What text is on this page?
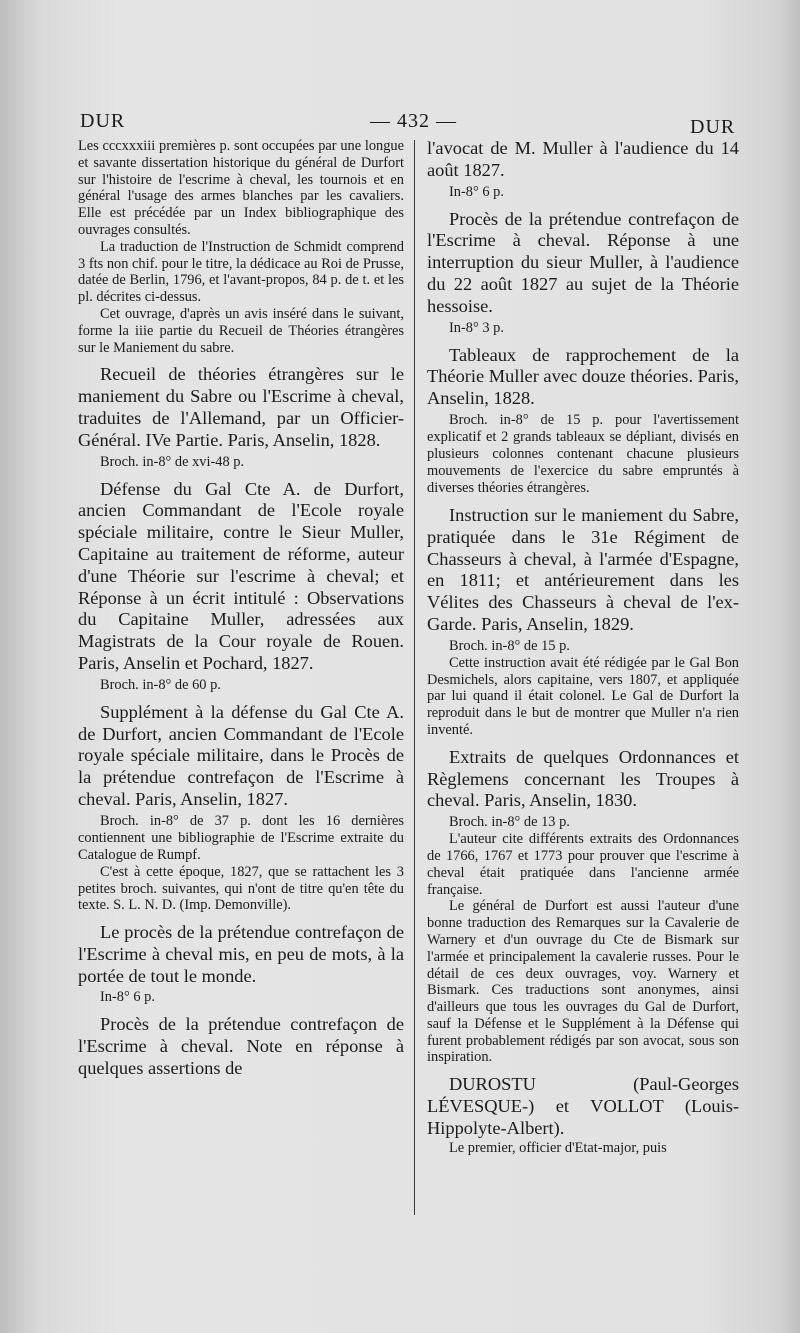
DUR	— 432 —	DUR

Les cccxxxiii premières p. sont occupées par une longue et savante dissertation historique du général de Durfort sur l'histoire de l'escrime à cheval, les tournois et en général l'usage des armes blanches par les cavaliers. Elle est précédée par un Index bibliographique des ouvrages consultés.

La traduction de l'Instruction de Schmidt comprend 3 fts non chif. pour le titre, la dédicace au Roi de Prusse, datée de Berlin, 1796, et l'avant-propos, 84 p. de t. et les pl. décrites ci-dessus.

Cet ouvrage, d'après un avis inséré dans le suivant, forme la iiie partie du Recueil de Théories étrangères sur le Maniement du sabre.

Recueil de théories étrangères sur le maniement du Sabre ou l'Escrime à cheval, traduites de l'Allemand, par un Officier-Général. IVe Partie. Paris, Anselin, 1828.

Broch. in-8° de xvi-48 p.

Défense du Gal Cte A. de Durfort, ancien Commandant de l'Ecole royale spéciale militaire, contre le Sieur Muller, Capitaine au traitement de réforme, auteur d'une Théorie sur l'escrime à cheval; et Réponse à un écrit intitulé : Observations du Capitaine Muller, adressées aux Magistrats de la Cour royale de Rouen. Paris, Anselin et Pochard, 1827.

Broch. in-8° de 60 p.

Supplément à la défense du Gal Cte A. de Durfort, ancien Commandant de l'Ecole royale spéciale militaire, dans le Procès de la prétendue contrefaçon de l'Escrime à cheval. Paris, Anselin, 1827.

Broch. in-8° de 37 p. dont les 16 dernières contiennent une bibliographie de l'Escrime extraite du Catalogue de Rumpf.

C'est à cette époque, 1827, que se rattachent les 3 petites broch. suivantes, qui n'ont de titre qu'en tête du texte. S. L. N. D. (Imp. Demonville).

Le procès de la prétendue contrefaçon de l'Escrime à cheval mis, en peu de mots, à la portée de tout le monde.

In-8° 6 p.

Procès de la prétendue contrefaçon de l'Escrime à cheval. Note en réponse à quelques assertions de

l'avocat de M. Muller à l'audience du 14 août 1827.

In-8° 6 p.

Procès de la prétendue contrefaçon de l'Escrime à cheval. Réponse à une interruption du sieur Muller, à l'audience du 22 août 1827 au sujet de la Théorie hessoise.

In-8° 3 p.

Tableaux de rapprochement de la Théorie Muller avec douze théories. Paris, Anselin, 1828.

Broch. in-8° de 15 p. pour l'avertissement explicatif et 2 grands tableaux se dépliant, divisés en plusieurs colonnes contenant chacune plusieurs mouvements de l'exercice du sabre empruntés à diverses théories étrangères.

Instruction sur le maniement du Sabre, pratiquée dans le 31e Régiment de Chasseurs à cheval, à l'armée d'Espagne, en 1811; et antérieurement dans les Vélites des Chasseurs à cheval de l'ex-Garde. Paris, Anselin, 1829.

Broch. in-8° de 15 p.

Cette instruction avait été rédigée par le Gal Bon Desmichels, alors capitaine, vers 1807, et appliquée par lui quand il était colonel. Le Gal de Durfort la reproduit dans le but de montrer que Muller n'a rien inventé.

Extraits de quelques Ordonnances et Règlemens concernant les Troupes à cheval. Paris, Anselin, 1830.

Broch. in-8° de 13 p.

L'auteur cite différents extraits des Ordonnances de 1766, 1767 et 1773 pour prouver que l'escrime à cheval était pratiquée dans l'ancienne armée française.

Le général de Durfort est aussi l'auteur d'une bonne traduction des Remarques sur la Cavalerie de Warnery et d'un ouvrage du Cte de Bismark sur l'armée et principalement la cavalerie russes. Pour le détail de ces deux ouvrages, voy. Warnery et Bismark. Ces traductions sont anonymes, ainsi d'ailleurs que tous les ouvrages du Gal de Durfort, sauf la Défense et le Supplément à la Défense qui furent probablement rédigés par son avocat, sous son inspiration.

DUROSTU (Paul-Georges LÉVESQUE-) et VOLLOT (Louis-Hippolyte-Albert).

Le premier, officier d'Etat-major, puis
